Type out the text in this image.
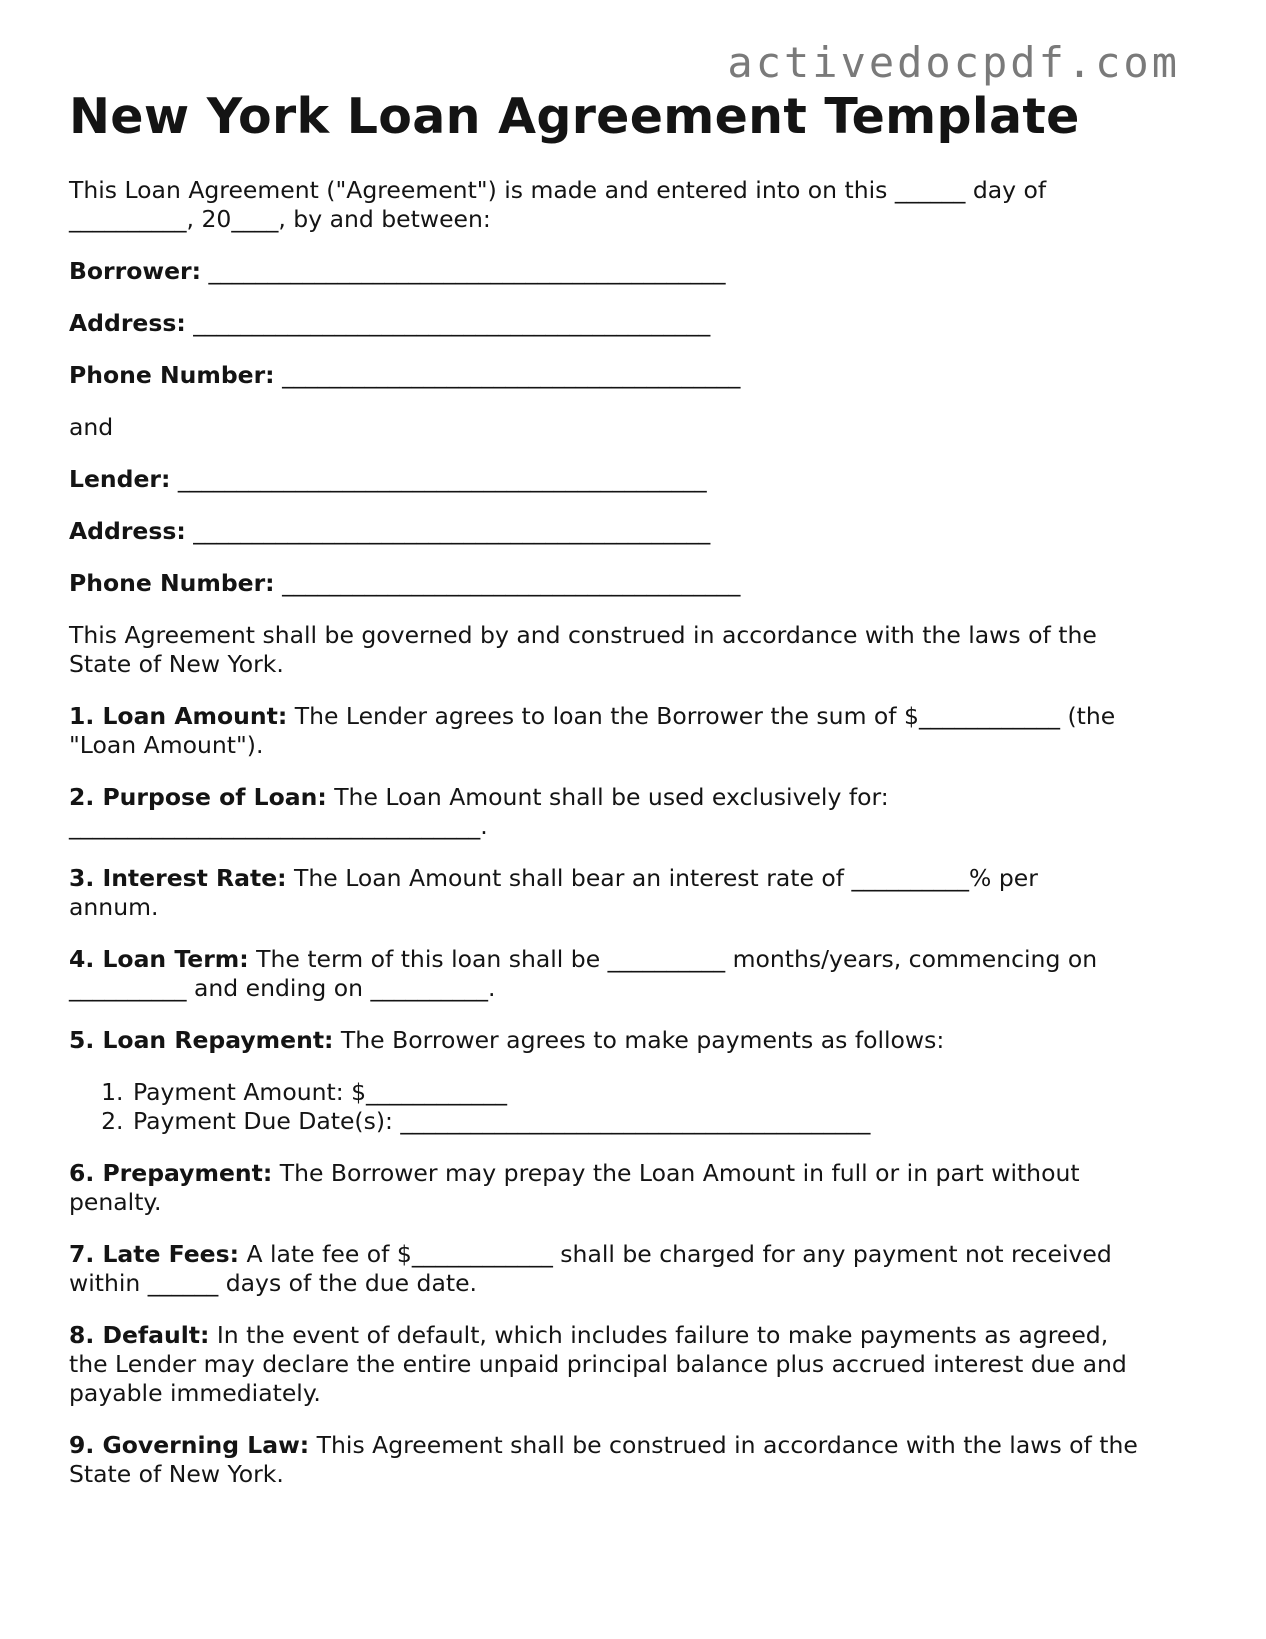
activedocpdf.com
New York Loan Agreement Template

This Loan Agreement ("Agreement") is made and entered into on this ______ day of
__________, 20____, by and between:

Borrower: ____________________________________________

Address: ____________________________________________

Phone Number: _______________________________________

and

Lender: _____________________________________________

Address: ____________________________________________

Phone Number: _______________________________________

This Agreement shall be governed by and construed in accordance with the laws of the
State of New York.

1. Loan Amount: The Lender agrees to loan the Borrower the sum of $____________ (the
"Loan Amount").

2. Purpose of Loan: The Loan Amount shall be used exclusively for:
___________________________________.

3. Interest Rate: The Loan Amount shall bear an interest rate of __________% per
annum.

4. Loan Term: The term of this loan shall be __________ months/years, commencing on
__________ and ending on __________.

5. Loan Repayment: The Borrower agrees to make payments as follows:

1. Payment Amount: $____________
2. Payment Due Date(s): ________________________________________

6. Prepayment: The Borrower may prepay the Loan Amount in full or in part without
penalty.

7. Late Fees: A late fee of $____________ shall be charged for any payment not received
within ______ days of the due date.

8. Default: In the event of default, which includes failure to make payments as agreed,
the Lender may declare the entire unpaid principal balance plus accrued interest due and
payable immediately.

9. Governing Law: This Agreement shall be construed in accordance with the laws of the
State of New York.
